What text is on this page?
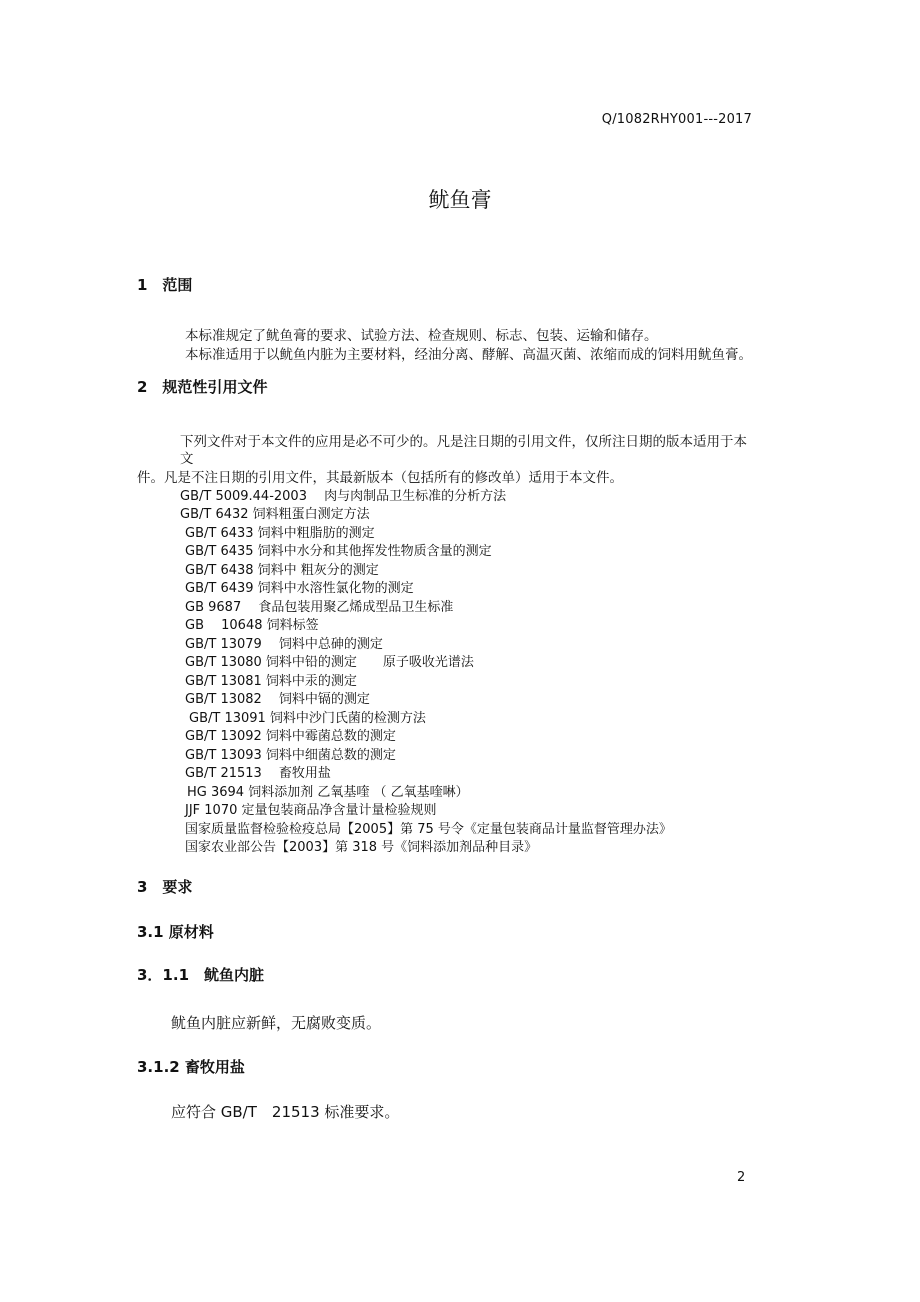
Q/1082RHY001---2017
鱿鱼膏
1　范围
本标准规定了鱿鱼膏的要求、试验方法、检查规则、标志、包装、运输和储存。
本标准适用于以鱿鱼内脏为主要材料，经油分离、酵解、高温灭菌、浓缩而成的饲料用鱿鱼膏。
2　规范性引用文件
下列文件对于本文件的应用是必不可少的。凡是注日期的引用文件，仅所注日期的版本适用于本
文
件。凡是不注日期的引用文件，其最新版本（包括所有的修改单）适用于本文件。
GB/T 5009.44-2003　 肉与肉制品卫生标准的分析方法
GB/T 6432 饲料粗蛋白测定方法
GB/T 6433 饲料中粗脂肪的测定
GB/T 6435 饲料中水分和其他挥发性物质含量的测定
GB/T 6438 饲料中 粗灰分的测定
GB/T 6439 饲料中水溶性氯化物的测定
GB 9687　 食品包装用聚乙烯成型品卫生标准
GB　 10648 饲料标签
GB/T 13079　 饲料中总砷的测定
GB/T 13080 饲料中铅的测定　　原子吸收光谱法
GB/T 13081 饲料中汞的测定
GB/T 13082　 饲料中镉的测定
GB/T 13091 饲料中沙门氏菌的检测方法
GB/T 13092 饲料中霉菌总数的测定
GB/T 13093 饲料中细菌总数的测定
GB/T 21513　 畜牧用盐
HG 3694 饲料添加剂 乙氧基喹 （ 乙氧基喹啉）
JJF 1070 定量包装商品净含量计量检验规则
国家质量监督检验检疫总局【2005】第 75 号令《定量包装商品计量监督管理办法》
国家农业部公告【2003】第 318 号《饲料添加剂品种目录》
3　要求
3.1 原材料
3．1.1　鱿鱼内脏
鱿鱼内脏应新鲜，无腐败变质。
3.1.2 畜牧用盐
应符合 GB/T　21513 标准要求。
2
